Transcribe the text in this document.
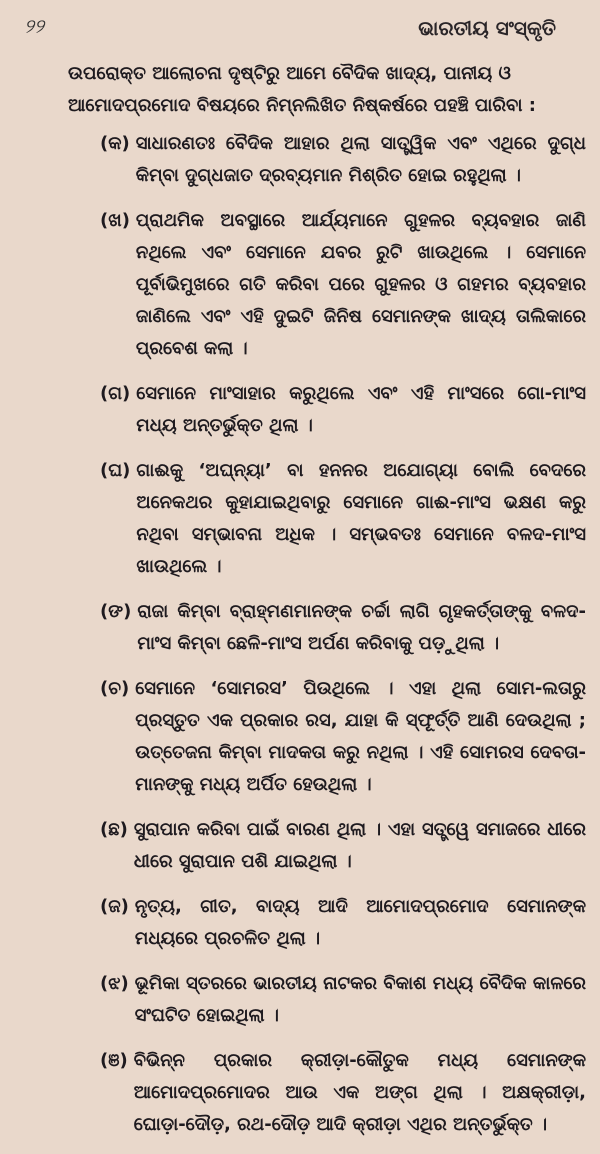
୨୨	ଭାରତୀୟ ସଂସ୍କୃତି
ଉପରୋକ୍ତ ଆଲୋଚନା ଦୃଷ୍ଟିରୁ ଆମେ ବୈଦିକ ଖାଦ୍ୟ, ପାନୀୟ ଓ ଆମୋଦପ୍ରମୋଦ ବିଷୟରେ ନିମ୍ନଲିଖିତ ନିଷ୍କର୍ଷରେ ପହଞ୍ଚି ପାରିବା :
(କ) ସାଧାରଣତଃ ବୈଦିକ ଆହାର ଥିଲା ସାତ୍ତ୍ୱିକ ଏବଂ ଏଥିରେ ଦୁଗ୍ଧ କିମ୍ବା ଦୁଗ୍ଧଜାତ ଦ୍ରବ୍ୟମାନ ମିଶ୍ରିତ ହୋଇ ରହୁଥିଲା ।
(ଖ) ପ୍ରାଥମିକ ଅବସ୍ଥାରେ ଆର୍ଯ୍ୟମାନେ ଗୁହଳର ବ୍ୟବହାର ଜାଣି ନଥିଲେ ଏବଂ ସେମାନେ ଯବର ରୁଟି ଖାଉଥିଲେ । ସେମାନେ ପୂର୍ବାଭିମୁଖରେ ଗତି କରିବା ପରେ ଗୁହଳର ଓ ଗହମର ବ୍ୟବହାର ଜାଣିଲେ ଏବଂ ଏହି ଦୁଇଟି ଜିନିଷ ସେମାନଙ୍କ ଖାଦ୍ୟ ତାଲିକାରେ ପ୍ରବେଶ କଲା ।
(ଗ) ସେମାନେ ମାଂସାହାର କରୁଥିଲେ ଏବଂ ଏହି ମାଂସରେ ଗୋ-ମାଂସ ମଧ୍ୟ ଅନ୍ତର୍ଭୁକ୍ତ ଥିଲା ।
(ଘ) ଗାଈକୁ ‘ଅଘ୍ନ୍ୟା’ ବା ହନନର ଅଯୋଗ୍ୟା ବୋଲି ବେଦରେ ଅନେକଥର କୁହାଯାଇଥିବାରୁ ସେମାନେ ଗାଈ-ମାଂସ ଭକ୍ଷଣ କରୁ ନଥିବା ସମ୍ଭାବନା ଅଧିକ । ସମ୍ଭବତଃ ସେମାନେ ବଳଦ-ମାଂସ ଖାଉଥିଲେ ।
(ଙ) ରାଜା କିମ୍ବା ବ୍ରାହ୍ମଣମାନଙ୍କ ଚର୍ଚ୍ଚା ଲାଗି ଗୃହକର୍ତ୍ତାଙ୍କୁ ବଳଦ-ମାଂସ କିମ୍ବା ଛେଳି-ମାଂସ ଅର୍ପଣ କରିବାକୁ ପଡ଼ୁଥିଲା ।
(ଚ) ସେମାନେ ‘ସୋମରସ’ ପିଉଥିଲେ । ଏହା ଥିଲା ସୋମ-ଲତାରୁ ପ୍ରସ୍ତୁତ ଏକ ପ୍ରକାର ରସ, ଯାହା କି ସ୍ଫୂର୍ତ୍ତି ଆଣି ଦେଉଥିଲା ; ଉତ୍ତେଜନା କିମ୍ବା ମାଦକତା କରୁ ନଥିଲା । ଏହି ସୋମରସ ଦେବତା-ମାନଙ୍କୁ ମଧ୍ୟ ଅର୍ପିତ ହେଉଥିଲା ।
(ଛ) ସୁରାପାନ କରିବା ପାଇଁ ବାରଣ ଥିଲା । ଏହା ସତ୍ତ୍ୱେ ସମାଜରେ ଧୀରେ ଧୀରେ ସୁରାପାନ ପଶି ଯାଇଥିଲା ।
(ଜ) ନୃତ୍ୟ, ଗୀତ, ବାଦ୍ୟ ଆଦି ଆମୋଦପ୍ରମୋଦ ସେମାନଙ୍କ ମଧ୍ୟରେ ପ୍ରଚଳିତ ଥିଲା ।
(ଝ) ଭୂମିକା ସ୍ତରରେ ଭାରତୀୟ ନାଟକର ବିକାଶ ମଧ୍ୟ ବୈଦିକ କାଳରେ ସଂଘଟିତ ହୋଇଥିଲା ।
(ଞ) ବିଭିନ୍ନ ପ୍ରକାର କ୍ରୀଡ଼ା-କୌତୁକ ମଧ୍ୟ ସେମାନଙ୍କ ଆମୋଦପ୍ରମୋଦର ଆଉ ଏକ ଅଙ୍ଗ ଥିଲା । ଅକ୍ଷକ୍ରୀଡ଼ା, ଘୋଡ଼ା-ଦୌଡ଼, ରଥ-ଦୌଡ଼ ଆଦି କ୍ରୀଡ଼ା ଏଥିର ଅନ୍ତର୍ଭୁକ୍ତ ।
